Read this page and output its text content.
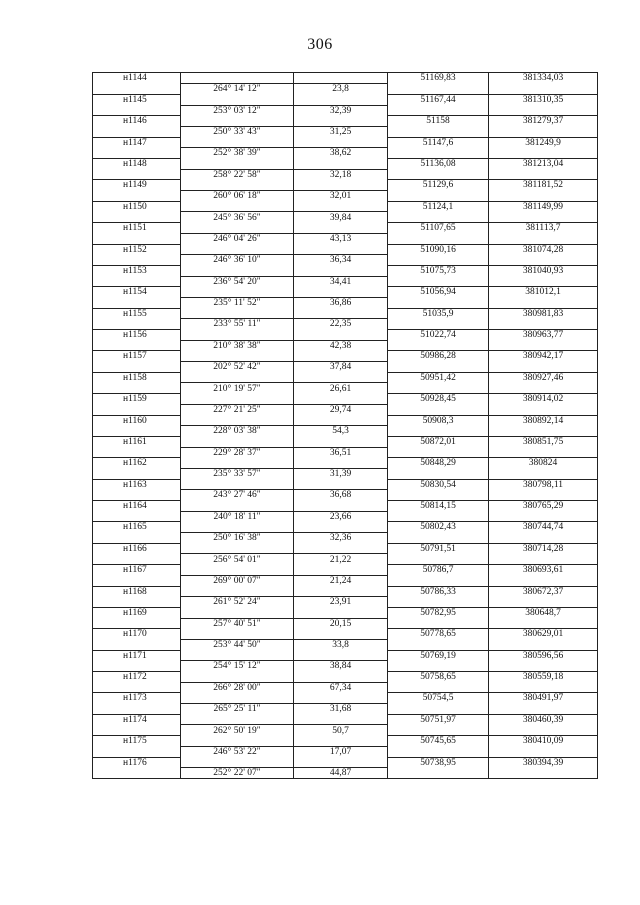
306
н1144			51169,83	381334,03
	264° 14' 12"	23,8		
н1145			51167,44	381310,35
	253° 03' 12"	32,39		
н1146			51158	381279,37
	250° 33' 43"	31,25		
н1147			51147,6	381249,9
	252° 38' 39"	38,62		
н1148			51136,08	381213,04
	258° 22' 58"	32,18		
н1149			51129,6	381181,52
	260° 06' 18"	32,01		
н1150			51124,1	381149,99
	245° 36' 56"	39,84		
н1151			51107,65	381113,7
	246° 04' 26"	43,13		
н1152			51090,16	381074,28
	246° 36' 10"	36,34		
н1153			51075,73	381040,93
	236° 54' 20"	34,41		
н1154			51056,94	381012,1
	235° 11' 52"	36,86		
н1155			51035,9	380981,83
	233° 55' 11"	22,35		
н1156			51022,74	380963,77
	210° 38' 38"	42,38		
н1157			50986,28	380942,17
	202° 52' 42"	37,84		
н1158			50951,42	380927,46
	210° 19' 57"	26,61		
н1159			50928,45	380914,02
	227° 21' 25"	29,74		
н1160			50908,3	380892,14
	228° 03' 38"	54,3		
н1161			50872,01	380851,75
	229° 28' 37"	36,51		
н1162			50848,29	380824
	235° 33' 57"	31,39		
н1163			50830,54	380798,11
	243° 27' 46"	36,68		
н1164			50814,15	380765,29
	240° 18' 11"	23,66		
н1165			50802,43	380744,74
	250° 16' 38"	32,36		
н1166			50791,51	380714,28
	256° 54' 01"	21,22		
н1167			50786,7	380693,61
	269° 00' 07"	21,24		
н1168			50786,33	380672,37
	261° 52' 24"	23,91		
н1169			50782,95	380648,7
	257° 40' 51"	20,15		
н1170			50778,65	380629,01
	253° 44' 50"	33,8		
н1171			50769,19	380596,56
	254° 15' 12"	38,84		
н1172			50758,65	380559,18
	266° 28' 00"	67,34		
н1173			50754,5	380491,97
	265° 25' 11"	31,68		
н1174			50751,97	380460,39
	262° 50' 19"	50,7		
н1175			50745,65	380410,09
	246° 53' 22"	17,07		
н1176			50738,95	380394,39
	252° 22' 07"	44,87		
